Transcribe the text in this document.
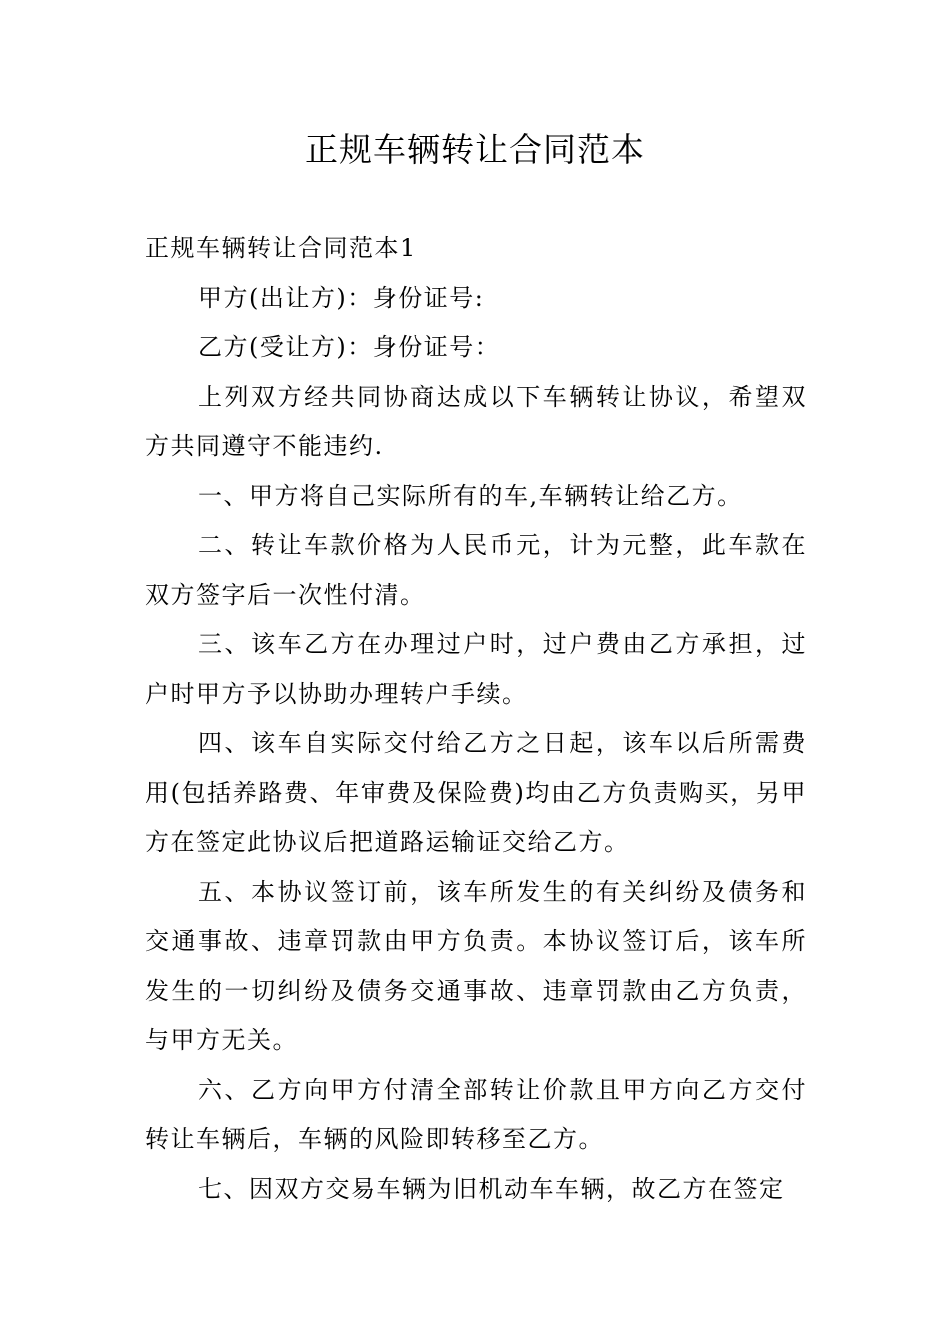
正规车辆转让合同范本

正规车辆转让合同范本1

甲方(出让方)：身份证号:

乙方(受让方)：身份证号：

上列双方经共同协商达成以下车辆转让协议，希望双方共同遵守不能违约.

一、甲方将自己实际所有的车,车辆转让给乙方。

二、转让车款价格为人民币元，计为元整，此车款在双方签字后一次性付清。

三、该车乙方在办理过户时，过户费由乙方承担，过户时甲方予以协助办理转户手续。

四、该车自实际交付给乙方之日起，该车以后所需费用(包括养路费、年审费及保险费)均由乙方负责购买，另甲方在签定此协议后把道路运输证交给乙方。

五、本协议签订前，该车所发生的有关纠纷及债务和交通事故、违章罚款由甲方负责。本协议签订后，该车所发生的一切纠纷及债务交通事故、违章罚款由乙方负责，与甲方无关。

六、乙方向甲方付清全部转让价款且甲方向乙方交付转让车辆后，车辆的风险即转移至乙方。

七、因双方交易车辆为旧机动车车辆，故乙方在签定
